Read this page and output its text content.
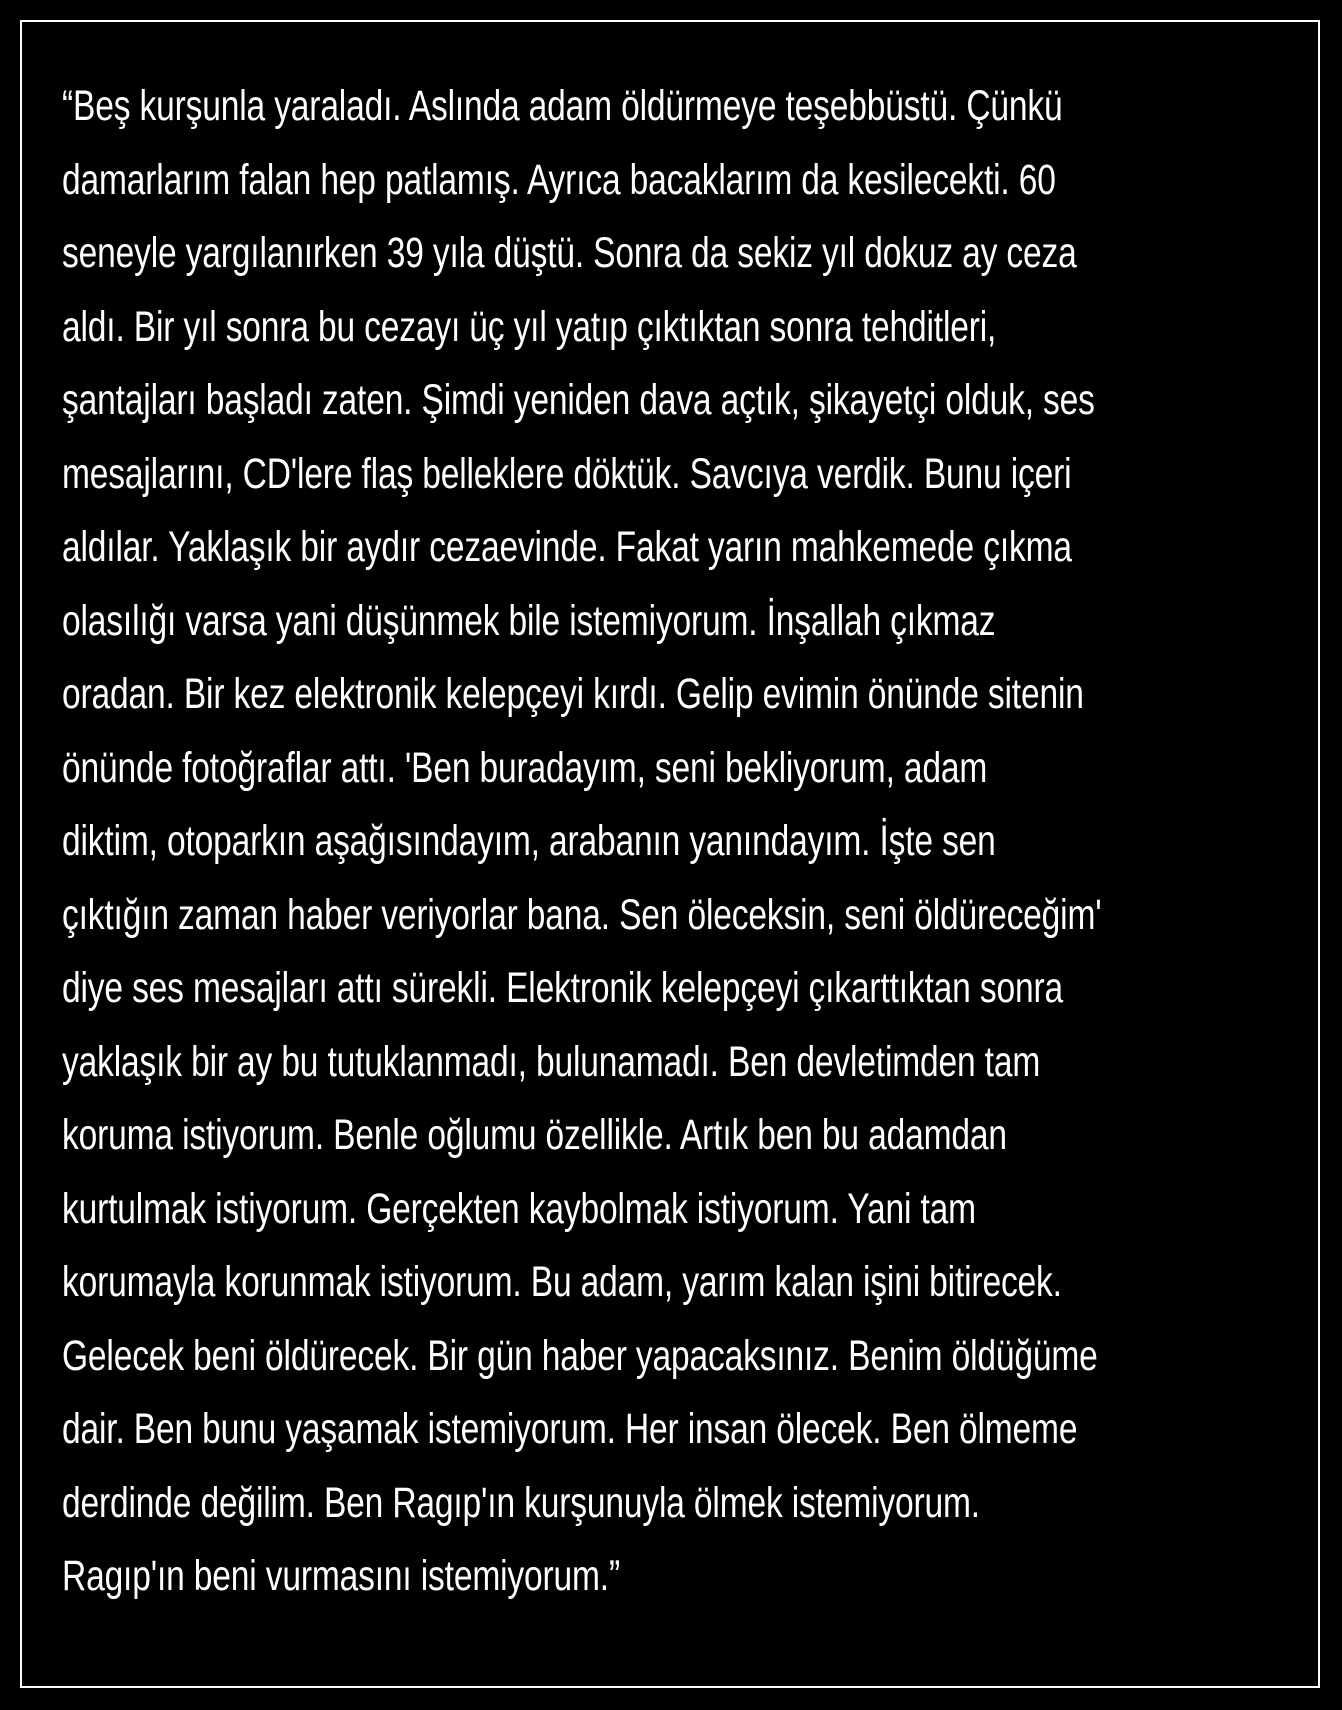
“Beş kurşunla yaraladı. Aslında adam öldürmeye teşebbüstü. Çünkü
damarlarım falan hep patlamış. Ayrıca bacaklarım da kesilecekti. 60
seneyle yargılanırken 39 yıla düştü. Sonra da sekiz yıl dokuz ay ceza
aldı. Bir yıl sonra bu cezayı üç yıl yatıp çıktıktan sonra tehditleri,
şantajları başladı zaten. Şimdi yeniden dava açtık, şikayetçi olduk, ses
mesajlarını, CD'lere flaş belleklere döktük. Savcıya verdik. Bunu içeri
aldılar. Yaklaşık bir aydır cezaevinde. Fakat yarın mahkemede çıkma
olasılığı varsa yani düşünmek bile istemiyorum. İnşallah çıkmaz
oradan. Bir kez elektronik kelepçeyi kırdı. Gelip evimin önünde sitenin
önünde fotoğraflar attı. 'Ben buradayım, seni bekliyorum, adam
diktim, otoparkın aşağısındayım, arabanın yanındayım. İşte sen
çıktığın zaman haber veriyorlar bana. Sen öleceksin, seni öldüreceğim'
diye ses mesajları attı sürekli. Elektronik kelepçeyi çıkarttıktan sonra
yaklaşık bir ay bu tutuklanmadı, bulunamadı. Ben devletimden tam
koruma istiyorum. Benle oğlumu özellikle. Artık ben bu adamdan
kurtulmak istiyorum. Gerçekten kaybolmak istiyorum. Yani tam
korumayla korunmak istiyorum. Bu adam, yarım kalan işini bitirecek.
Gelecek beni öldürecek. Bir gün haber yapacaksınız. Benim öldüğüme
dair. Ben bunu yaşamak istemiyorum. Her insan ölecek. Ben ölmeme
derdinde değilim. Ben Ragıp'ın kurşunuyla ölmek istemiyorum.
Ragıp'ın beni vurmasını istemiyorum.”
